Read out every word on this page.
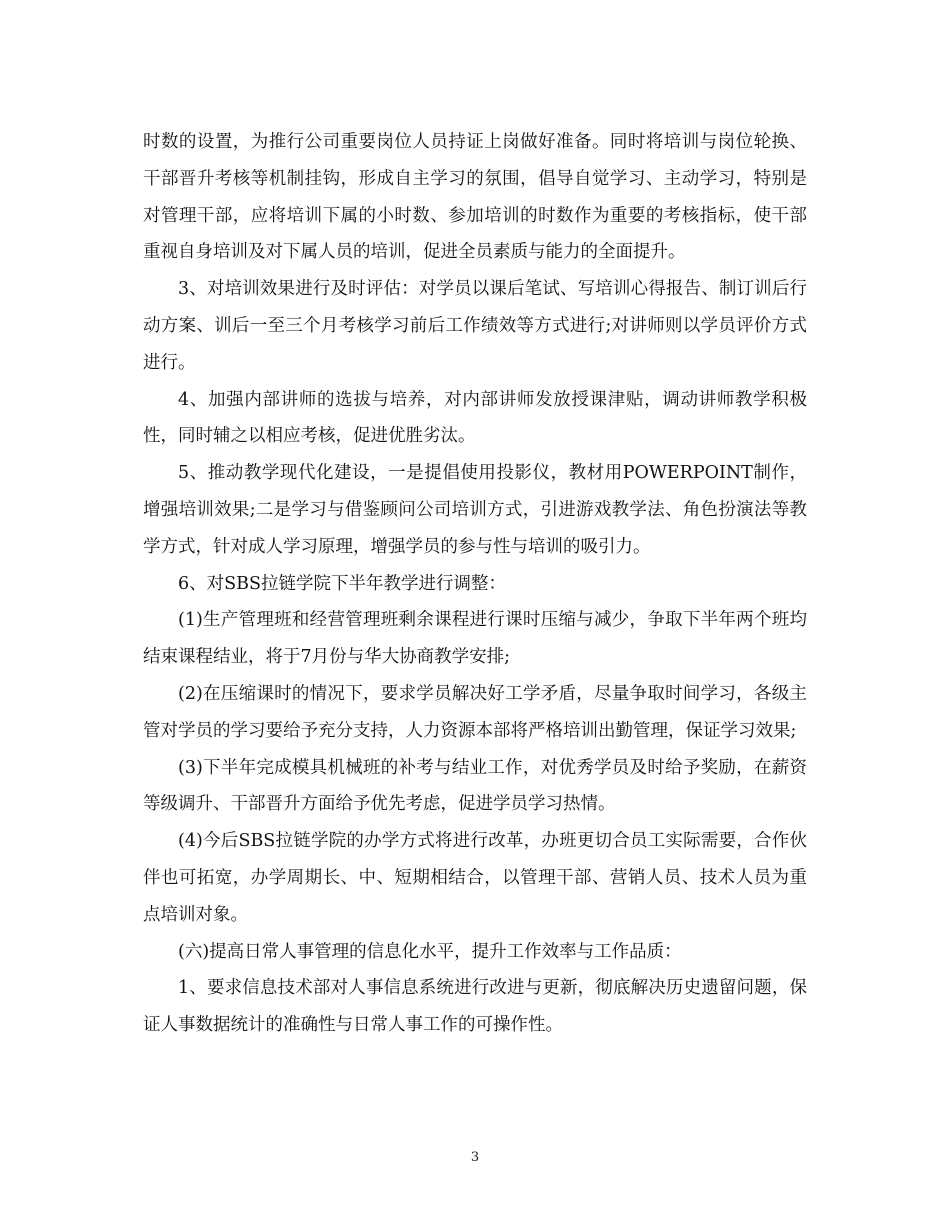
时数的设置，为推行公司重要岗位人员持证上岗做好准备。同时将培训与岗位轮换、干部晋升考核等机制挂钩，形成自主学习的氛围，倡导自觉学习、主动学习，特别是对管理干部，应将培训下属的小时数、参加培训的时数作为重要的考核指标，使干部重视自身培训及对下属人员的培训，促进全员素质与能力的全面提升。

3、对培训效果进行及时评估：对学员以课后笔试、写培训心得报告、制订训后行动方案、训后一至三个月考核学习前后工作绩效等方式进行;对讲师则以学员评价方式进行。

4、加强内部讲师的选拔与培养，对内部讲师发放授课津贴，调动讲师教学积极性，同时辅之以相应考核，促进优胜劣汰。

5、推动教学现代化建设，一是提倡使用投影仪，教材用POWERPOINT制作，增强培训效果;二是学习与借鉴顾问公司培训方式，引进游戏教学法、角色扮演法等教学方式，针对成人学习原理，增强学员的参与性与培训的吸引力。

6、对SBS拉链学院下半年教学进行调整：

(1)生产管理班和经营管理班剩余课程进行课时压缩与减少，争取下半年两个班均结束课程结业，将于7月份与华大协商教学安排;

(2)在压缩课时的情况下，要求学员解决好工学矛盾，尽量争取时间学习，各级主管对学员的学习要给予充分支持，人力资源本部将严格培训出勤管理，保证学习效果;

(3)下半年完成模具机械班的补考与结业工作，对优秀学员及时给予奖励，在薪资等级调升、干部晋升方面给予优先考虑，促进学员学习热情。

(4)今后SBS拉链学院的办学方式将进行改革，办班更切合员工实际需要，合作伙伴也可拓宽，办学周期长、中、短期相结合，以管理干部、营销人员、技术人员为重点培训对象。

(六)提高日常人事管理的信息化水平，提升工作效率与工作品质：

1、要求信息技术部对人事信息系统进行改进与更新，彻底解决历史遗留问题，保证人事数据统计的准确性与日常人事工作的可操作性。

3
